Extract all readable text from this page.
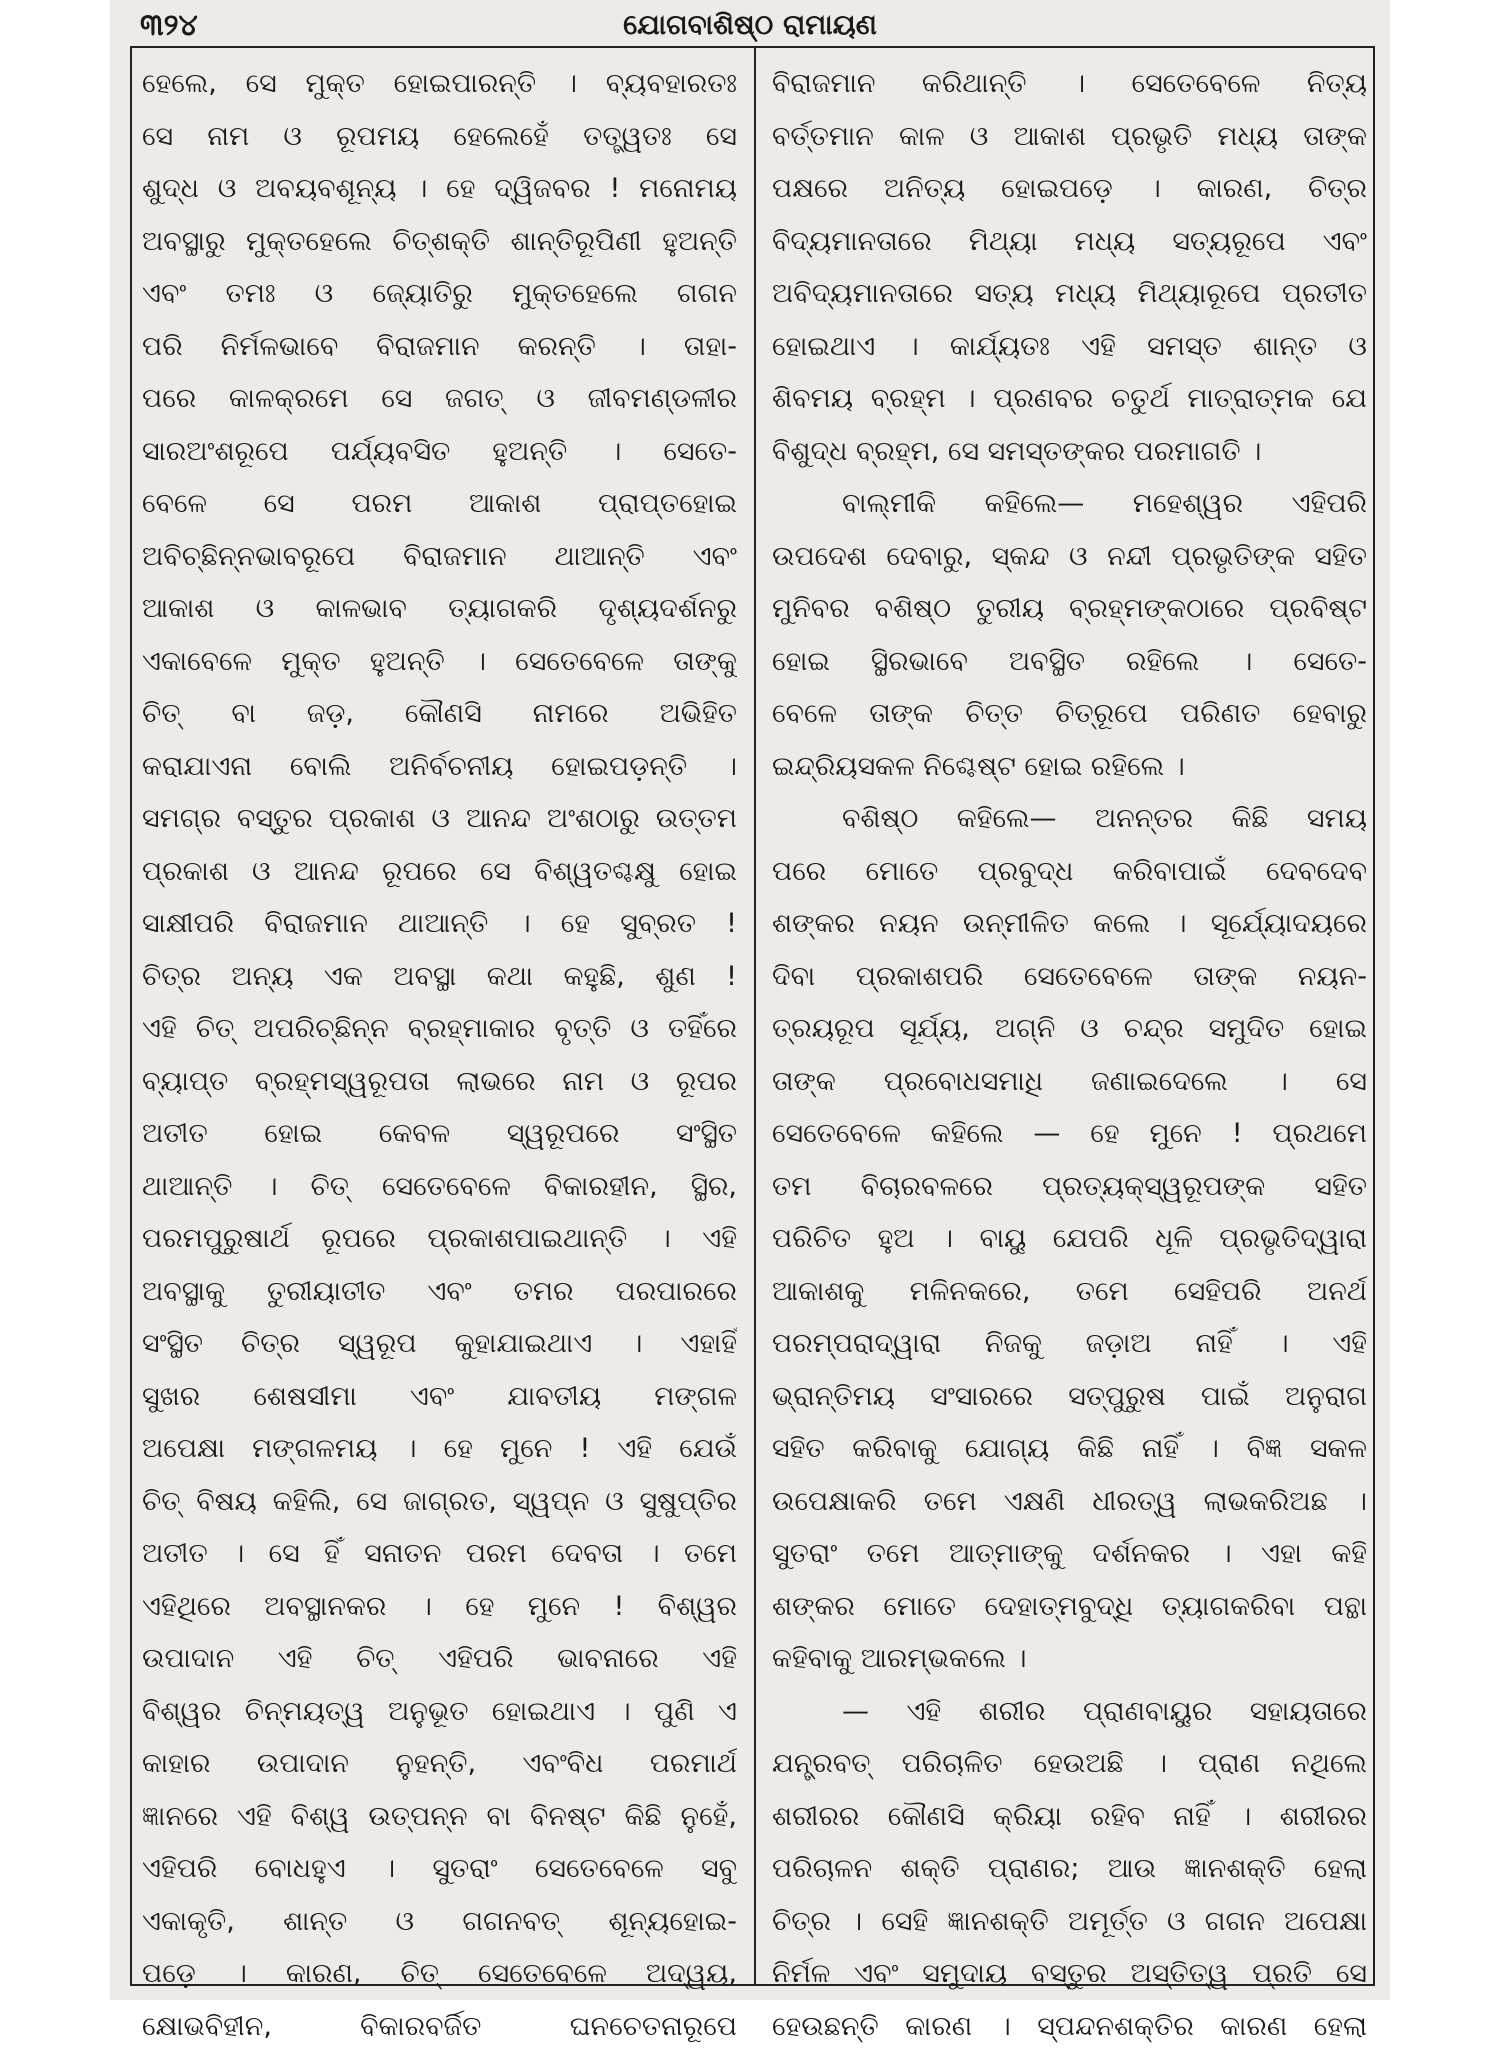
୩୨୪	ଯୋଗବାଶିଷ୍ଠ ରାମାୟଣ
ହେଲେ, ସେ ମୁକ୍ତ ହୋଇପାରନ୍ତି । ବ୍ୟବହାରତଃ
ସେ ନାମ ଓ ରୂପମୟ ହେଲେହେଁ ତତ୍ତ୍ୱତଃ ସେ
ଶୁଦ୍ଧ ଓ ଅବୟବଶୂନ୍ୟ । ହେ ଦ୍ୱିଜବର ! ମନୋମୟ
ଅବସ୍ଥାରୁ ମୁକ୍ତହେଲେ ଚିତ୍‌ଶକ୍ତି ଶାନ୍ତିରୂପିଣୀ ହୁଅନ୍ତି
ଏବଂ ତମଃ ଓ ଜ୍ୟୋତିରୁ ମୁକ୍ତହେଲେ ଗଗନ
ପରି ନିର୍ମଳଭାବେ ବିରାଜମାନ କରନ୍ତି । ତାହା-
ପରେ କାଳକ୍ରମେ ସେ ଜଗତ୍ ଓ ଜୀବମଣ୍ଡଳୀର
ସାରଅଂଶରୂପେ ପର୍ଯ୍ୟବସିତ ହୁଅନ୍ତି । ସେତେ-
ବେଳେ ସେ ପରମ ଆକାଶ ପ୍ରାପ୍ତହୋଇ
ଅବିଚ୍ଛିନ୍ନଭାବରୂପେ ବିରାଜମାନ ଥାଆନ୍ତି ଏବଂ
ଆକାଶ ଓ କାଳଭାବ ତ୍ୟାଗକରି ଦୃଶ୍ୟଦର୍ଶନରୁ
ଏକାବେଳେ ମୁକ୍ତ ହୁଅନ୍ତି । ସେତେବେଳେ ତାଙ୍କୁ
ଚିତ୍ ବା ଜଡ଼, କୌଣସି ନାମରେ ଅଭିହିତ
କରାଯାଏନା ବୋଲି ଅନିର୍ବଚନୀୟ ହୋଇପଡ଼ନ୍ତି ।
ସମଗ୍ର ବସ୍ତୁର ପ୍ରକାଶ ଓ ଆନନ୍ଦ ଅଂଶଠାରୁ ଉତ୍ତମ
ପ୍ରକାଶ ଓ ଆନନ୍ଦ ରୂପରେ ସେ ବିଶ୍ୱତଶ୍ଚକ୍ଷୁ ହୋଇ
ସାକ୍ଷୀପରି ବିରାଜମାନ ଥାଆନ୍ତି । ହେ ସୁବ୍ରତ !
ଚିତ୍‌ର ଅନ୍ୟ ଏକ ଅବସ୍ଥା କଥା କହୁଛି, ଶୁଣ !
ଏହି ଚିତ୍ ଅପରିଚ୍ଛିନ୍ନ ବ୍ରହ୍ମାକାର ବୃତ୍ତି ଓ ତହିଁରେ
ବ୍ୟାପ୍ତ ବ୍ରହ୍ମସ୍ୱରୂପତା ଲାଭରେ ନାମ ଓ ରୂପର
ଅତୀତ ହୋଇ କେବଳ ସ୍ୱରୂପରେ ସଂସ୍ଥିତ
ଥାଆନ୍ତି । ଚିତ୍ ସେତେବେଳେ ବିକାରହୀନ, ସ୍ଥିର,
ପରମପୁରୁଷାର୍ଥ ରୂପରେ ପ୍ରକାଶପାଇଥାନ୍ତି । ଏହି
ଅବସ୍ଥାକୁ ତୁରୀୟାତୀତ ଏବଂ ତମର ପରପାରରେ
ସଂସ୍ଥିତ ଚିତ୍‌ର ସ୍ୱରୂପ କୁହାଯାଇଥାଏ । ଏହାହିଁ
ସୁଖର ଶେଷସୀମା ଏବଂ ଯାବତୀୟ ମଙ୍ଗଳ
ଅପେକ୍ଷା ମଙ୍ଗଳମୟ । ହେ ମୁନେ ! ଏହି ଯେଉଁ
ଚିତ୍ ବିଷୟ କହିଲି, ସେ ଜାଗ୍ରତ, ସ୍ୱପ୍ନ ଓ ସୁଷୁପ୍ତିର
ଅତୀତ । ସେ ହିଁ ସନାତନ ପରମ ଦେବତା । ତମେ
ଏହିଥିରେ ଅବସ୍ଥାନକର । ହେ ମୁନେ ! ବିଶ୍ୱର
ଉପାଦାନ ଏହି ଚିତ୍ ଏହିପରି ଭାବନାରେ ଏହି
ବିଶ୍ୱର ଚିନ୍ମୟତ୍ୱ ଅନୁଭୂତ ହୋଇଥାଏ । ପୁଣି ଏ
କାହାର ଉପାଦାନ ନୁହନ୍ତି, ଏବଂବିଧ ପରମାର୍ଥ
ଜ୍ଞାନରେ ଏହି ବିଶ୍ୱ ଉତ୍ପନ୍ନ ବା ବିନଷ୍ଟ କିଛି ନୁହେଁ,
ଏହିପରି ବୋଧହୁଏ । ସୁତରାଂ ସେତେବେଳେ ସବୁ
ଏକାକୃତି, ଶାନ୍ତ ଓ ଗଗନବତ୍ ଶୂନ୍ୟହୋଇ-
ପଡ଼େ । କାରଣ, ଚିତ୍ ସେତେବେଳେ ଅଦ୍ୱୟ,
କ୍ଷୋଭବିହୀନ, ବିକାରବର୍ଜିତ ଘନଚେତନାରୂପେ
ବିରାଜମାନ କରିଥାନ୍ତି । ସେତେବେଳେ ନିତ୍ୟ
ବର୍ତ୍ତମାନ କାଳ ଓ ଆକାଶ ପ୍ରଭୃତି ମଧ୍ୟ ତାଙ୍କ
ପକ୍ଷରେ ଅନିତ୍ୟ ହୋଇପଡ଼େ । କାରଣ, ଚିତ୍‌ର
ବିଦ୍ୟମାନତାରେ ମିଥ୍ୟା ମଧ୍ୟ ସତ୍ୟରୂପେ ଏବଂ
ଅବିଦ୍ୟମାନତାରେ ସତ୍ୟ ମଧ୍ୟ ମିଥ୍ୟାରୂପେ ପ୍ରତୀତ
ହୋଇଥାଏ । କାର୍ଯ୍ୟତଃ ଏହି ସମସ୍ତ ଶାନ୍ତ ଓ
ଶିବମୟ ବ୍ରହ୍ମ । ପ୍ରଣବର ଚତୁର୍ଥ ମାତ୍ରାତ୍ମକ ଯେ
ବିଶୁଦ୍ଧ ବ୍ରହ୍ମ, ସେ ସମସ୍ତଙ୍କର ପରମାଗତି ।
ବାଲ୍ମୀକି କହିଲେ— ମହେଶ୍ୱର ଏହିପରି
ଉପଦେଶ ଦେବାରୁ, ସ୍କନ୍ଦ ଓ ନନ୍ଦୀ ପ୍ରଭୃତିଙ୍କ ସହିତ
ମୁନିବର ବଶିଷ୍ଠ ତୁରୀୟ ବ୍ରହ୍ମଙ୍କଠାରେ ପ୍ରବିଷ୍ଟ
ହୋଇ ସ୍ଥିରଭାବେ ଅବସ୍ଥିତ ରହିଲେ । ସେତେ-
ବେଳେ ତାଙ୍କ ଚିତ୍ତ ଚିତ୍‌ରୂପେ ପରିଣତ ହେବାରୁ
ଇନ୍ଦ୍ରିୟସକଳ ନିଶ୍ଚେଷ୍ଟ ହୋଇ ରହିଲେ ।
ବଶିଷ୍ଠ କହିଲେ— ଅନନ୍ତର କିଛି ସମୟ
ପରେ ମୋତେ ପ୍ରବୁଦ୍ଧ କରିବାପାଇଁ ଦେବଦେବ
ଶଙ୍କର ନୟନ ଉନ୍ମୀଳିତ କଲେ । ସୂର୍ଯ୍ୟୋଦୟରେ
ଦିବା ପ୍ରକାଶପରି ସେତେବେଳେ ତାଙ୍କ ନୟନ-
ତ୍ରୟରୂପ ସୂର୍ଯ୍ୟ, ଅଗ୍ନି ଓ ଚନ୍ଦ୍ର ସମୁଦିତ ହୋଇ
ତାଙ୍କ ପ୍ରବୋଧସମାଧି ଜଣାଇଦେଲେ । ସେ
ସେତେବେଳେ କହିଲେ — ହେ ମୁନେ ! ପ୍ରଥମେ
ତମ ବିଚାରବଳରେ ପ୍ରତ୍ୟକ୍‌ସ୍ୱରୂପଙ୍କ ସହିତ
ପରିଚିତ ହୁଅ । ବାୟୁ ଯେପରି ଧୂଳି ପ୍ରଭୃତିଦ୍ୱାରା
ଆକାଶକୁ ମଳିନକରେ, ତମେ ସେହିପରି ଅନର୍ଥ
ପରମ୍ପରାଦ୍ୱାରା ନିଜକୁ ଜଡ଼ାଅ ନାହିଁ । ଏହି
ଭ୍ରାନ୍ତିମୟ ସଂସାରରେ ସତ୍‌ପୁରୁଷ ପାଇଁ ଅନୁରାଗ
ସହିତ କରିବାକୁ ଯୋଗ୍ୟ କିଛି ନାହିଁ । ବିଜ୍ଞ ସକଳ
ଉପେକ୍ଷାକରି ତମେ ଏକ୍ଷଣି ଧୀରତ୍ୱ ଲାଭକରିଅଛ ।
ସୁତରାଂ ତମେ ଆତ୍ମାଙ୍କୁ ଦର୍ଶନକର । ଏହା କହି
ଶଙ୍କର ମୋତେ ଦେହାତ୍ମବୁଦ୍ଧି ତ୍ୟାଗକରିବା ପନ୍ଥା
କହିବାକୁ ଆରମ୍ଭକଲେ ।
— ଏହି ଶରୀର ପ୍ରାଣବାୟୁର ସହାୟତାରେ
ଯନ୍ତ୍ରବତ୍ ପରିଚାଳିତ ହେଉଅଛି । ପ୍ରାଣ ନଥିଲେ
ଶରୀରର କୌଣସି କ୍ରିୟା ରହିବ ନାହିଁ । ଶରୀରର
ପରିଚାଳନ ଶକ୍ତି ପ୍ରାଣର; ଆଉ ଜ୍ଞାନଶକ୍ତି ହେଲା
ଚିତ୍‌ର । ସେହି ଜ୍ଞାନଶକ୍ତି ଅମୂର୍ତ୍ତ ଓ ଗଗନ ଅପେକ୍ଷା
ନିର୍ମଳ ଏବଂ ସମୁଦାୟ ବସ୍ତୁର ଅସ୍ତିତ୍ୱ ପ୍ରତି ସେ
ହେଉଛନ୍ତି କାରଣ । ସ୍ପନ୍ଦନଶକ୍ତିର କାରଣ ହେଲା
